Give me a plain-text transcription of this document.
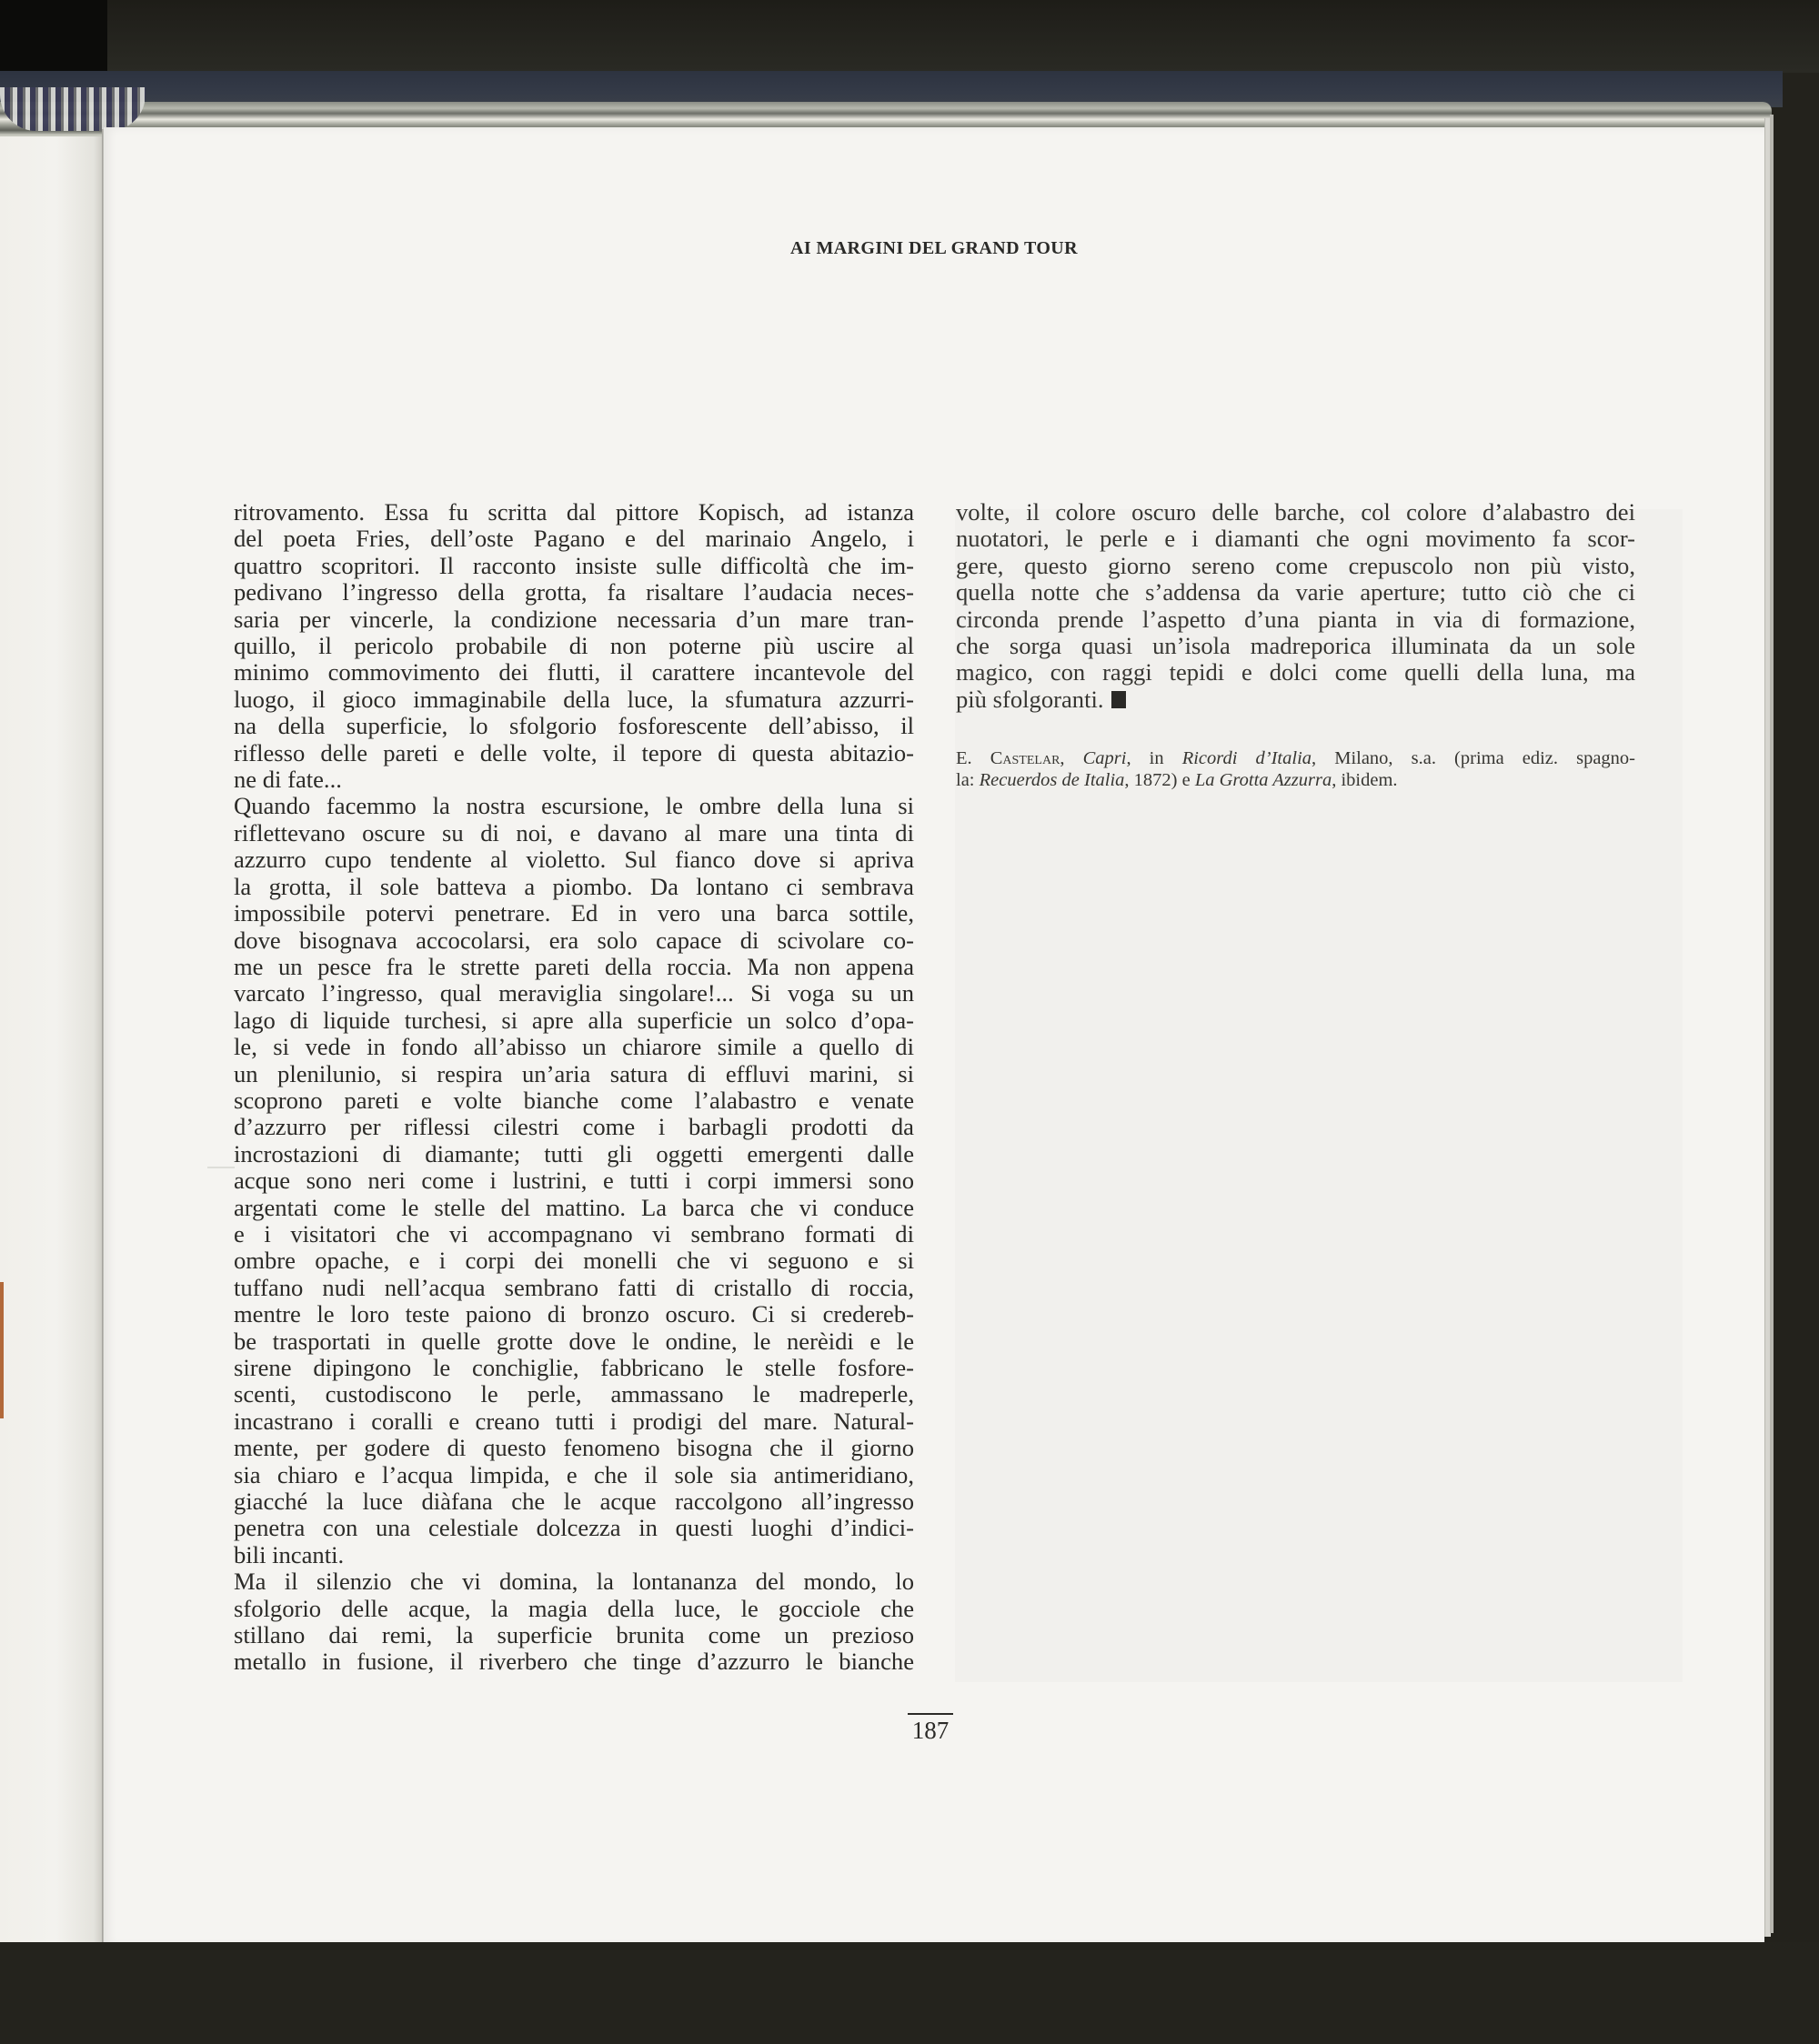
AI MARGINI DEL GRAND TOUR
ritrovamento. Essa fu scritta dal pittore Kopisch, ad istanza
del poeta Fries, dell’oste Pagano e del marinaio Angelo, i
quattro scopritori. Il racconto insiste sulle difficoltà che im-
pedivano l’ingresso della grotta, fa risaltare l’audacia neces-
saria per vincerle, la condizione necessaria d’un mare tran-
quillo, il pericolo probabile di non poterne più uscire al
minimo commovimento dei flutti, il carattere incantevole del
luogo, il gioco immaginabile della luce, la sfumatura azzurri-
na della superficie, lo sfolgorio fosforescente dell’abisso, il
riflesso delle pareti e delle volte, il tepore di questa abitazio-
ne di fate...
Quando facemmo la nostra escursione, le ombre della luna si
riflettevano oscure su di noi, e davano al mare una tinta di
azzurro cupo tendente al violetto. Sul fianco dove si apriva
la grotta, il sole batteva a piombo. Da lontano ci sembrava
impossibile potervi penetrare. Ed in vero una barca sottile,
dove bisognava accocolarsi, era solo capace di scivolare co-
me un pesce fra le strette pareti della roccia. Ma non appena
varcato l’ingresso, qual meraviglia singolare!... Si voga su un
lago di liquide turchesi, si apre alla superficie un solco d’opa-
le, si vede in fondo all’abisso un chiarore simile a quello di
un plenilunio, si respira un’aria satura di effluvi marini, si
scoprono pareti e volte bianche come l’alabastro e venate
d’azzurro per riflessi cilestri come i barbagli prodotti da
incrostazioni di diamante; tutti gli oggetti emergenti dalle
acque sono neri come i lustrini, e tutti i corpi immersi sono
argentati come le stelle del mattino. La barca che vi conduce
e i visitatori che vi accompagnano vi sembrano formati di
ombre opache, e i corpi dei monelli che vi seguono e si
tuffano nudi nell’acqua sembrano fatti di cristallo di roccia,
mentre le loro teste paiono di bronzo oscuro. Ci si credereb-
be trasportati in quelle grotte dove le ondine, le nerèidi e le
sirene dipingono le conchiglie, fabbricano le stelle fosfore-
scenti, custodiscono le perle, ammassano le madreperle,
incastrano i coralli e creano tutti i prodigi del mare. Natural-
mente, per godere di questo fenomeno bisogna che il giorno
sia chiaro e l’acqua limpida, e che il sole sia antimeridiano,
giacché la luce diàfana che le acque raccolgono all’ingresso
penetra con una celestiale dolcezza in questi luoghi d’indici-
bili incanti.
Ma il silenzio che vi domina, la lontananza del mondo, lo
sfolgorio delle acque, la magia della luce, le gocciole che
stillano dai remi, la superficie brunita come un prezioso
metallo in fusione, il riverbero che tinge d’azzurro le bianche
volte, il colore oscuro delle barche, col colore d’alabastro dei
nuotatori, le perle e i diamanti che ogni movimento fa scor-
gere, questo giorno sereno come crepuscolo non più visto,
quella notte che s’addensa da varie aperture; tutto ciò che ci
circonda prende l’aspetto d’una pianta in via di formazione,
che sorga quasi un’isola madreporica illuminata da un sole
magico, con raggi tepidi e dolci come quelli della luna, ma
più sfolgoranti.
E. Castelar, Capri, in Ricordi d’Italia, Milano, s.a. (prima ediz. spagno-
la: Recuerdos de Italia, 1872) e La Grotta Azzurra, ibidem.
187
